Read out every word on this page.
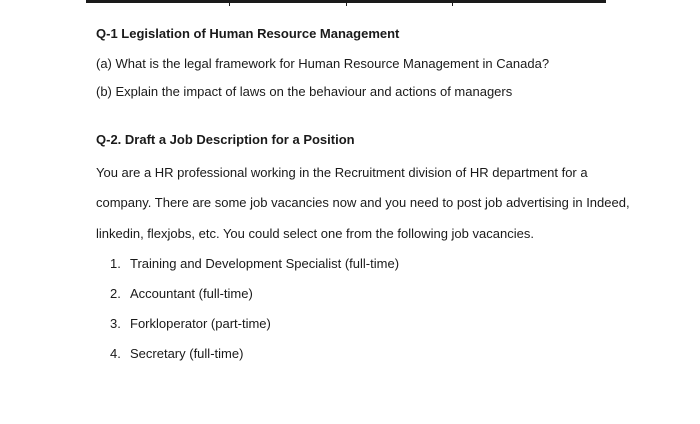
Q-1 Legislation of Human Resource Management
(a) What is the legal framework for Human Resource Management in Canada?
(b) Explain the impact of laws on the behaviour and actions of managers
Q-2. Draft a Job Description for a Position
You are a HR professional working in the Recruitment division of HR department for a
company. There are some job vacancies now and you need to post job advertising in Indeed,
linkedin, flexjobs, etc. You could select one from the following job vacancies.
1. Training and Development Specialist (full-time)
2. Accountant (full-time)
3. Forkloperator (part-time)
4. Secretary (full-time)
